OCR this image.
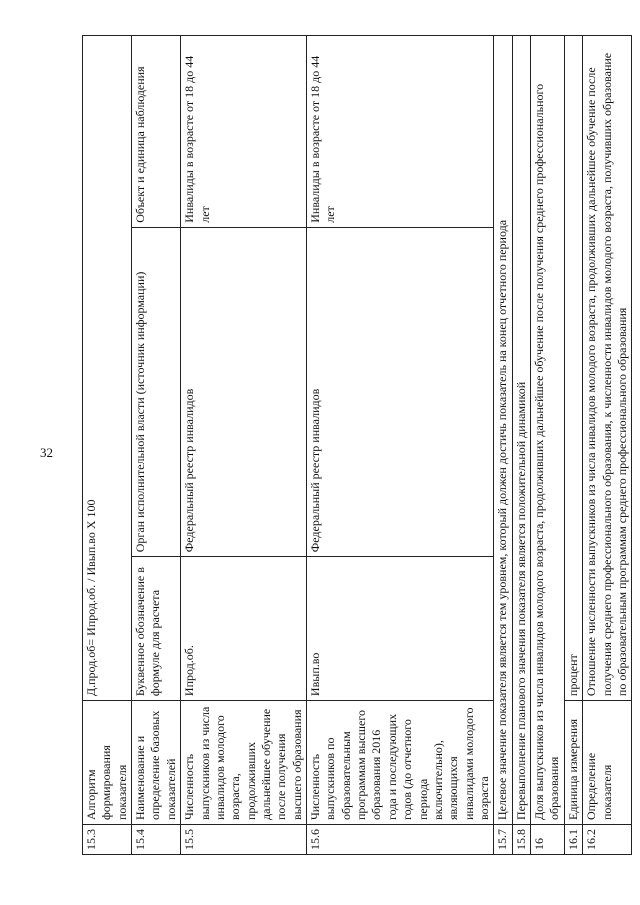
32
15.3	Алгоритм формирования показателя	Д.прод.об= Ипрод.об. / Ивып.во Х 100		
15.4	Наименование и определение базовых показателей	Буквенное обозначение в формуле для расчета	Орган исполнительной власти (источник информации)	Объект и единица наблюдения
15.5	Численность выпускников из числа инвалидов молодого возраста, продолживших дальнейшее обучение после получения высшего образования	Ипрод.об.	Федеральный реестр инвалидов	Инвалиды в возрасте от 18 до 44 лет
15.6	Численность выпускников по образовательным программам высшего образования 2016 года и последующих годов (до отчетного периода включительно), являющихся инвалидами молодого возраста	Ивып.во	Федеральный реестр инвалидов	Инвалиды в возрасте от 18 до 44 лет
15.7	Целевое значение показателя является тем уровнем, который должен достичь показатель на конец отчетного периода			
15.8	Перевыполнение планового значения показателя является положительной динамикой			
16	Доля выпускников из числа инвалидов молодого возраста, продолживших дальнейшее обучение после получения среднего профессионального образования			
16.1	Единица измерения	процент		
16.2	Определение показателя	Отношение численности выпускников из числа инвалидов молодого возраста, продолживших дальнейшее обучение после получения среднего профессионального образования, к численности инвалидов молодого возраста, получивших образование по образовательным программам среднего профессионального образования		
